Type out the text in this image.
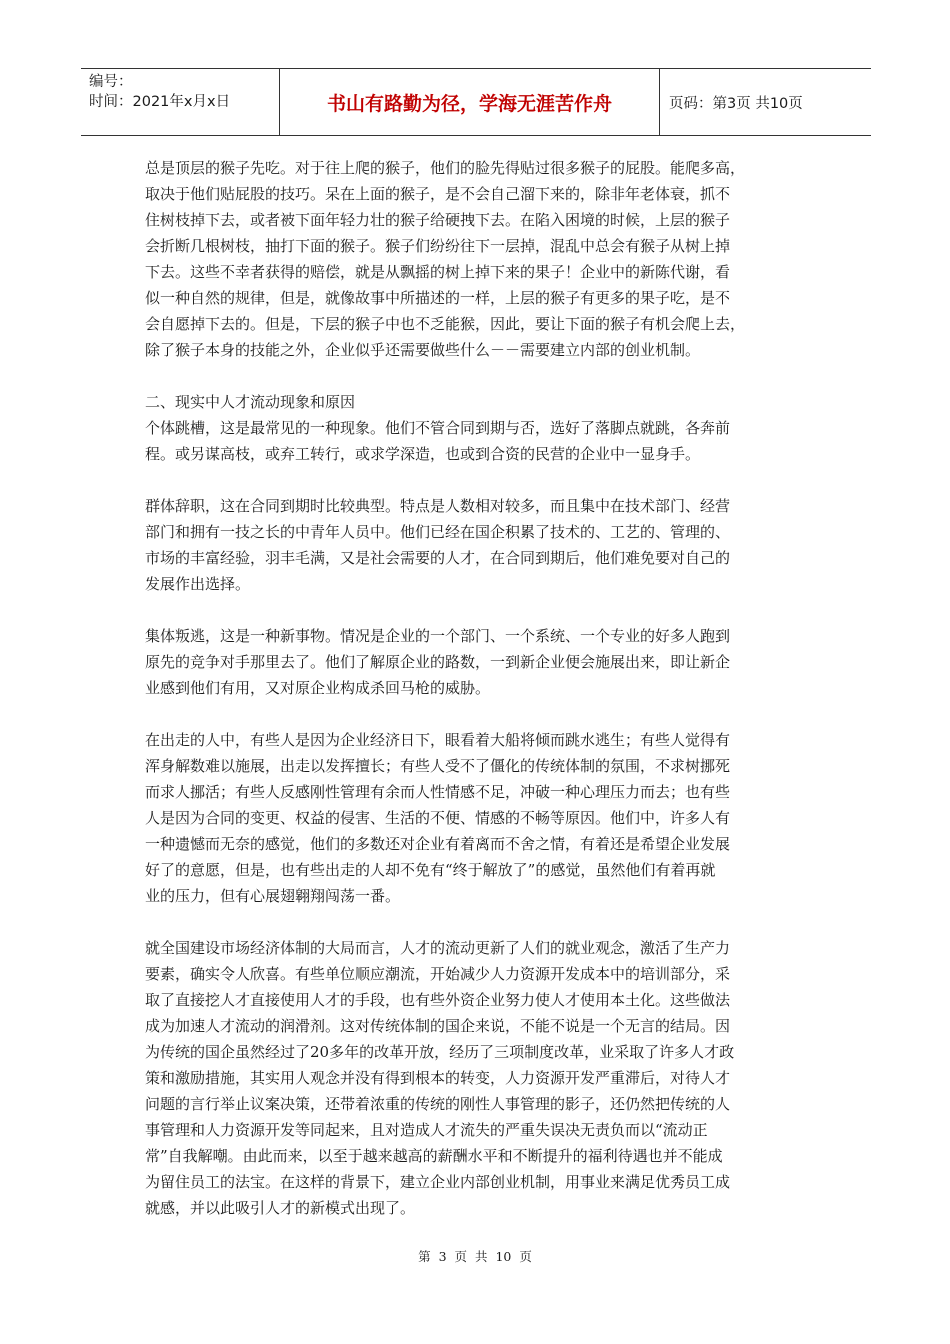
编号：
时间：2021年x月x日	书山有路勤为径，学海无涯苦作舟	页码：第3页 共10页

总是顶层的猴子先吃。对于往上爬的猴子，他们的脸先得贴过很多猴子的屁股。能爬多高，

取决于他们贴屁股的技巧。呆在上面的猴子，是不会自己溜下来的，除非年老体衰，抓不

住树枝掉下去，或者被下面年轻力壮的猴子给硬拽下去。在陷入困境的时候，上层的猴子

会折断几根树枝，抽打下面的猴子。猴子们纷纷往下一层掉，混乱中总会有猴子从树上掉

下去。这些不幸者获得的赔偿，就是从飘摇的树上掉下来的果子！企业中的新陈代谢，看

似一种自然的规律，但是，就像故事中所描述的一样，上层的猴子有更多的果子吃，是不

会自愿掉下去的。但是，下层的猴子中也不乏能猴，因此，要让下面的猴子有机会爬上去，

除了猴子本身的技能之外，企业似乎还需要做些什么－－需要建立内部的创业机制。

二、现实中人才流动现象和原因

个体跳槽，这是最常见的一种现象。他们不管合同到期与否，选好了落脚点就跳，各奔前

程。或另谋高枝，或弃工转行，或求学深造，也或到合资的民营的企业中一显身手。

群体辞职，这在合同到期时比较典型。特点是人数相对较多，而且集中在技术部门、经营

部门和拥有一技之长的中青年人员中。他们已经在国企积累了技术的、工艺的、管理的、

市场的丰富经验，羽丰毛满，又是社会需要的人才，在合同到期后，他们难免要对自己的

发展作出选择。

集体叛逃，这是一种新事物。情况是企业的一个部门、一个系统、一个专业的好多人跑到

原先的竞争对手那里去了。他们了解原企业的路数，一到新企业便会施展出来，即让新企

业感到他们有用，又对原企业构成杀回马枪的威胁。

在出走的人中，有些人是因为企业经济日下，眼看着大船将倾而跳水逃生；有些人觉得有

浑身解数难以施展，出走以发挥擅长；有些人受不了僵化的传统体制的氛围，不求树挪死

而求人挪活；有些人反感刚性管理有余而人性情感不足，冲破一种心理压力而去；也有些

人是因为合同的变更、权益的侵害、生活的不便、情感的不畅等原因。他们中，许多人有

一种遗憾而无奈的感觉，他们的多数还对企业有着离而不舍之情，有着还是希望企业发展

好了的意愿，但是，也有些出走的人却不免有“终于解放了”的感觉，虽然他们有着再就

业的压力，但有心展翅翱翔闯荡一番。

就全国建设市场经济体制的大局而言，人才的流动更新了人们的就业观念，激活了生产力

要素，确实令人欣喜。有些单位顺应潮流，开始减少人力资源开发成本中的培训部分，采

取了直接挖人才直接使用人才的手段，也有些外资企业努力使人才使用本土化。这些做法

成为加速人才流动的润滑剂。这对传统体制的国企来说，不能不说是一个无言的结局。因

为传统的国企虽然经过了20多年的改革开放，经历了三项制度改革，业采取了许多人才政

策和激励措施，其实用人观念并没有得到根本的转变，人力资源开发严重滞后，对待人才

问题的言行举止议案决策，还带着浓重的传统的刚性人事管理的影子，还仍然把传统的人

事管理和人力资源开发等同起来，且对造成人才流失的严重失误决无责负而以“流动正

常”自我解嘲。由此而来，以至于越来越高的薪酬水平和不断提升的福利待遇也并不能成

为留住员工的法宝。在这样的背景下，建立企业内部创业机制，用事业来满足优秀员工成

就感，并以此吸引人才的新模式出现了。

第 3 页 共 10 页
